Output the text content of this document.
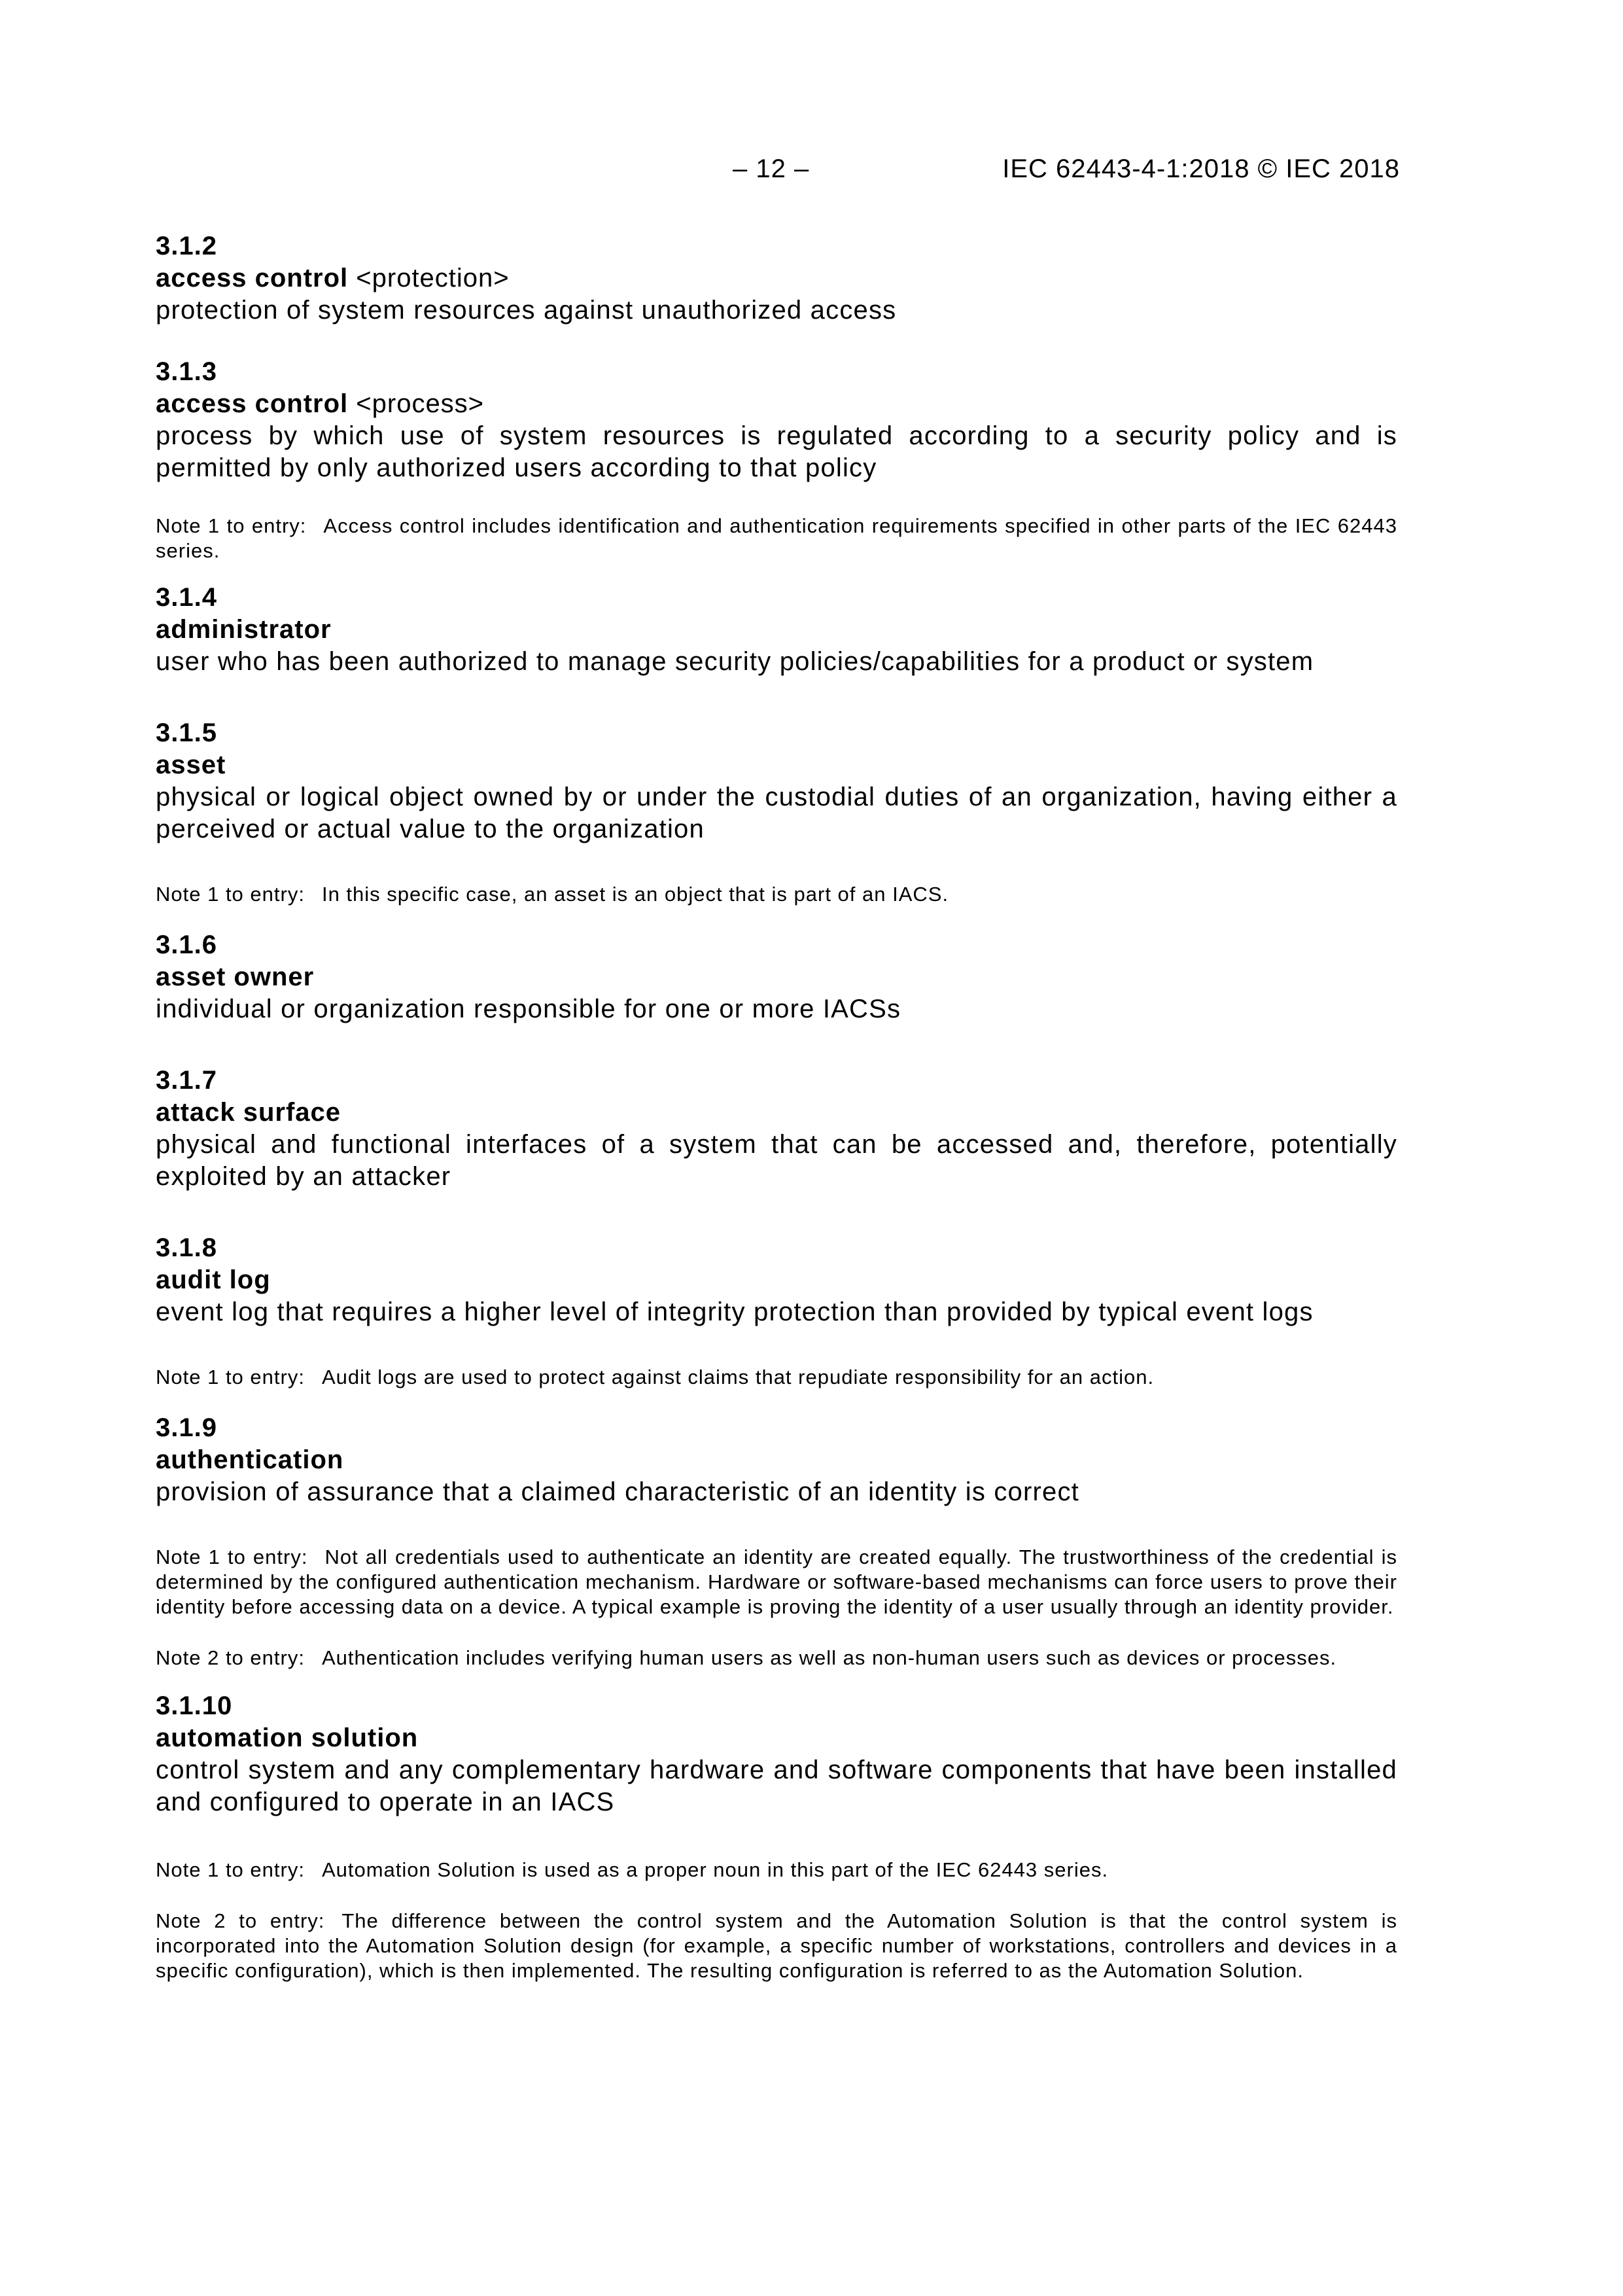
– 12 –	IEC 62443-4-1:2018 © IEC 2018
3.1.2
access control <protection>
protection of system resources against unauthorized access
3.1.3
access control <process>
process by which use of system resources is regulated according to a security policy and is permitted by only authorized users according to that policy

Note 1 to entry: Access control includes identification and authentication requirements specified in other parts of the IEC 62443 series.

3.1.4
administrator
user who has been authorized to manage security policies/capabilities for a product or system
3.1.5
asset
physical or logical object owned by or under the custodial duties of an organization, having either a perceived or actual value to the organization

Note 1 to entry: In this specific case, an asset is an object that is part of an IACS.

3.1.6
asset owner
individual or organization responsible for one or more IACSs
3.1.7
attack surface
physical and functional interfaces of a system that can be accessed and, therefore, potentially exploited by an attacker
3.1.8
audit log
event log that requires a higher level of integrity protection than provided by typical event logs

Note 1 to entry: Audit logs are used to protect against claims that repudiate responsibility for an action.

3.1.9
authentication
provision of assurance that a claimed characteristic of an identity is correct

Note 1 to entry: Not all credentials used to authenticate an identity are created equally. The trustworthiness of the credential is determined by the configured authentication mechanism. Hardware or software-based mechanisms can force users to prove their identity before accessing data on a device. A typical example is proving the identity of a user usually through an identity provider.

Note 2 to entry: Authentication includes verifying human users as well as non-human users such as devices or processes.

3.1.10
automation solution
control system and any complementary hardware and software components that have been installed and configured to operate in an IACS

Note 1 to entry: Automation Solution is used as a proper noun in this part of the IEC 62443 series.

Note 2 to entry: The difference between the control system and the Automation Solution is that the control system is incorporated into the Automation Solution design (for example, a specific number of workstations, controllers and devices in a specific configuration), which is then implemented. The resulting configuration is referred to as the Automation Solution.
